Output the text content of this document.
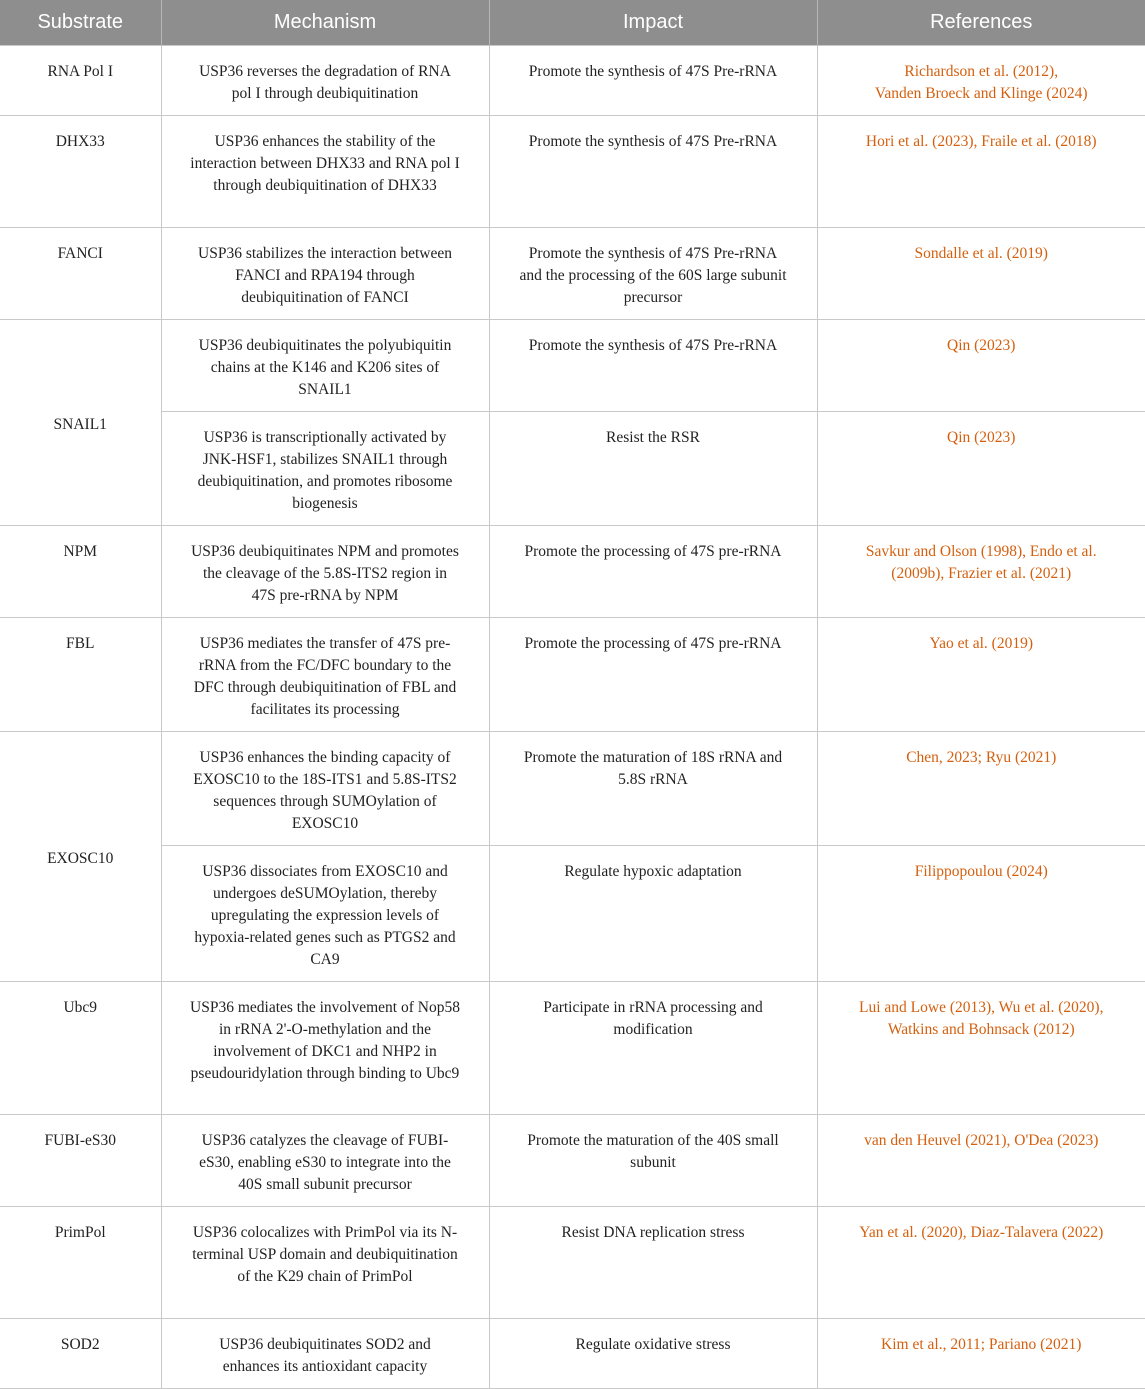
Substrate	Mechanism	Impact	References
RNA Pol I	USP36 reverses the degradation of RNA pol I through deubiquitination	Promote the synthesis of 47S Pre-rRNA	Richardson et al. (2012),
Vanden Broeck and Klinge (2024)
DHX33	USP36 enhances the stability of the interaction between DHX33 and RNA pol I through deubiquitination of DHX33	Promote the synthesis of 47S Pre-rRNA	Hori et al. (2023), Fraile et al. (2018)
FANCI	USP36 stabilizes the interaction between FANCI and RPA194 through deubiquitination of FANCI	Promote the synthesis of 47S Pre-rRNA and the processing of the 60S large subunit precursor	Sondalle et al. (2019)
SNAIL1	USP36 deubiquitinates the polyubiquitin chains at the K146 and K206 sites of SNAIL1	Promote the synthesis of 47S Pre-rRNA	Qin (2023)
	USP36 is transcriptionally activated by JNK-HSF1, stabilizes SNAIL1 through deubiquitination, and promotes ribosome biogenesis	Resist the RSR	Qin (2023)
NPM	USP36 deubiquitinates NPM and promotes the cleavage of the 5.8S-ITS2 region in 47S pre-rRNA by NPM	Promote the processing of 47S pre-rRNA	Savkur and Olson (1998), Endo et al. (2009b), Frazier et al. (2021)
FBL	USP36 mediates the transfer of 47S pre-rRNA from the FC/DFC boundary to the DFC through deubiquitination of FBL and facilitates its processing	Promote the processing of 47S pre-rRNA	Yao et al. (2019)
EXOSC10	USP36 enhances the binding capacity of EXOSC10 to the 18S-ITS1 and 5.8S-ITS2 sequences through SUMOylation of EXOSC10	Promote the maturation of 18S rRNA and 5.8S rRNA	Chen, 2023; Ryu (2021)
	USP36 dissociates from EXOSC10 and undergoes deSUMOylation, thereby upregulating the expression levels of hypoxia-related genes such as PTGS2 and CA9	Regulate hypoxic adaptation	Filippopoulou (2024)
Ubc9	USP36 mediates the involvement of Nop58 in rRNA 2'-O-methylation and the involvement of DKC1 and NHP2 in pseudouridylation through binding to Ubc9	Participate in rRNA processing and modification	Lui and Lowe (2013), Wu et al. (2020), Watkins and Bohnsack (2012)
FUBI-eS30	USP36 catalyzes the cleavage of FUBI-eS30, enabling eS30 to integrate into the 40S small subunit precursor	Promote the maturation of the 40S small subunit	van den Heuvel (2021), O'Dea (2023)
PrimPol	USP36 colocalizes with PrimPol via its N-terminal USP domain and deubiquitination of the K29 chain of PrimPol	Resist DNA replication stress	Yan et al. (2020), Diaz-Talavera (2022)
SOD2	USP36 deubiquitinates SOD2 and enhances its antioxidant capacity	Regulate oxidative stress	Kim et al., 2011; Pariano (2021)
